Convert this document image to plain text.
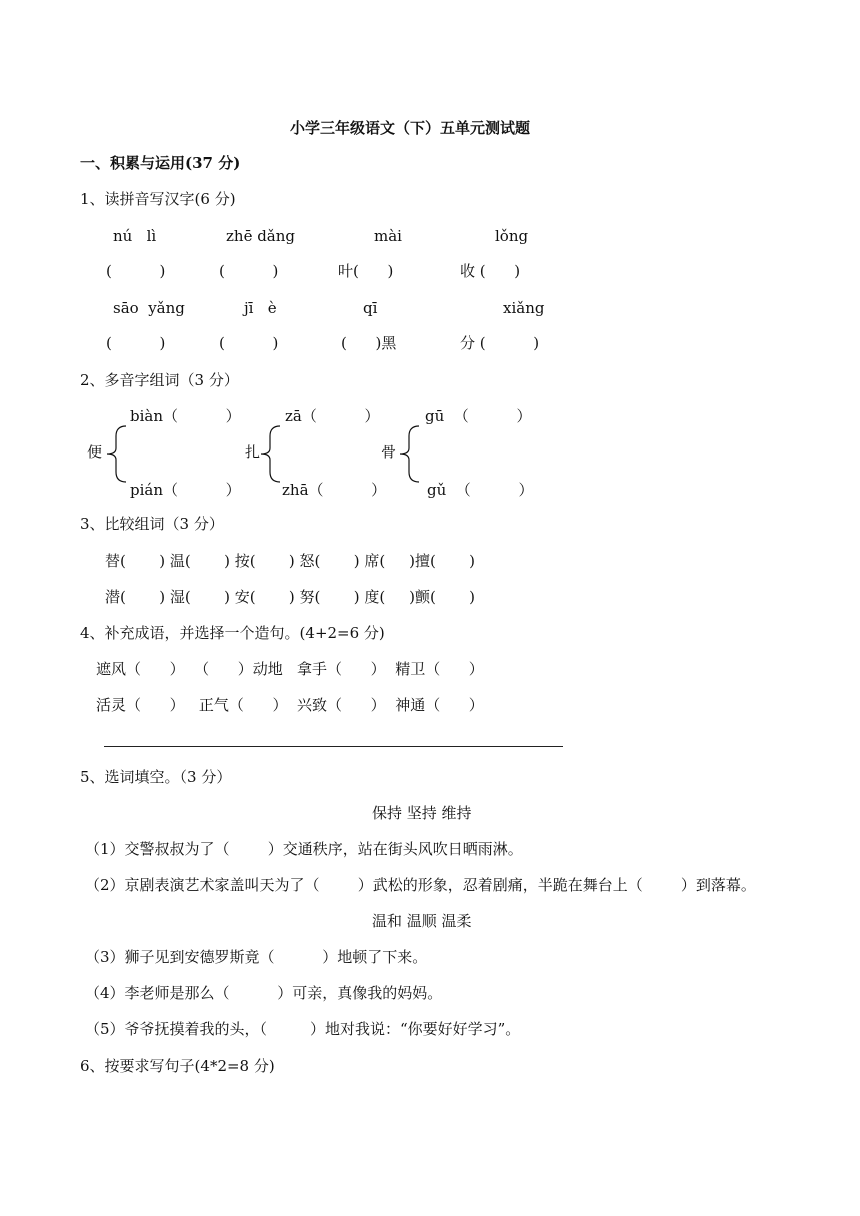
小学三年级语文（下）五单元测试题
一、积累与运用(37 分)
1、读拼音写汉字(6 分)
nú   lì	zhē dǎng	mài	lǒng
(          )	(          )	叶(      )	收 (      )
sāo  yǎng	jī   è	qī	xiǎng
(          )	(          )	(      )黑	分 (          )
2、多音字组词（3 分）
biàn（          ）
便
pián（          ）
zā（          ）
扎
zhā（          ）
gū  （          ）
骨
gǔ  （          ）
3、比较组词（3 分）
替(       ) 温(       ) 按(       ) 怒(       ) 席(     )擅(       )
潜(       ) 湿(       ) 安(       ) 努(       ) 度(     )颤(       )
4、补充成语，并选择一个造句。(4+2=6 分)
遮风（      ）  （      ）动地   拿手（      ）  精卫（      ）
活灵（      ）   正气（      ）  兴致（      ）  神通（      ）
5、选词填空。（3 分）
保持 坚持 维持
（1）交警叔叔为了（        ）交通秩序，站在街头风吹日晒雨淋。
（2）京剧表演艺术家盖叫天为了（        ）武松的形象，忍着剧痛，半跪在舞台上（        ）到落幕。
温和 温顺 温柔
（3）狮子见到安德罗斯竟（          ）地顿了下来。
（4）李老师是那么（          ）可亲，真像我的妈妈。
（5）爷爷抚摸着我的头，（         ）地对我说：“你要好好学习”。
6、按要求写句子(4*2=8 分)
